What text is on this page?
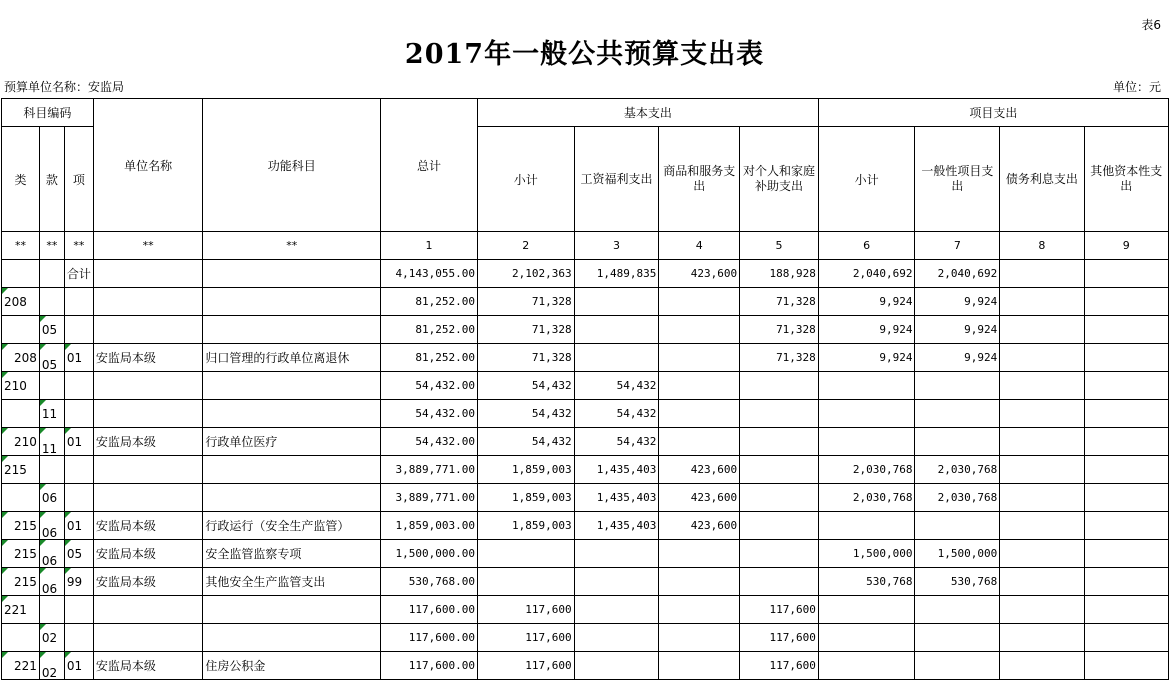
表6
2017年一般公共预算支出表
预算单位名称：安监局	单位：元
科目编码			单位名称	功能科目	总计	基本支出				项目支出			
类	款	项				小计	工资福利支出	商品和服务支出	对个人和家庭补助支出	小计	一般性项目支出	债务利息支出	其他资本性支出
**	**	**	**	**	1	2	3	4	5	6	7	8	9
		合计			4,143,055.00	2,102,363	1,489,835	423,600	188,928	2,040,692	2,040,692		
208					81,252.00	71,328			71,328	9,924	9,924		
	05				81,252.00	71,328			71,328	9,924	9,924		
208	05	01	安监局本级	归口管理的行政单位离退休	81,252.00	71,328			71,328	9,924	9,924		
210					54,432.00	54,432	54,432						
	11				54,432.00	54,432	54,432						
210	11	01	安监局本级	行政单位医疗	54,432.00	54,432	54,432						
215					3,889,771.00	1,859,003	1,435,403	423,600		2,030,768	2,030,768		
	06				3,889,771.00	1,859,003	1,435,403	423,600		2,030,768	2,030,768		
215	06	01	安监局本级	行政运行（安全生产监管）	1,859,003.00	1,859,003	1,435,403	423,600					
215	06	05	安监局本级	安全监管监察专项	1,500,000.00					1,500,000	1,500,000		
215	06	99	安监局本级	其他安全生产监管支出	530,768.00					530,768	530,768		
221					117,600.00	117,600			117,600				
	02				117,600.00	117,600			117,600				
221	02	01	安监局本级	住房公积金	117,600.00	117,600			117,600				
